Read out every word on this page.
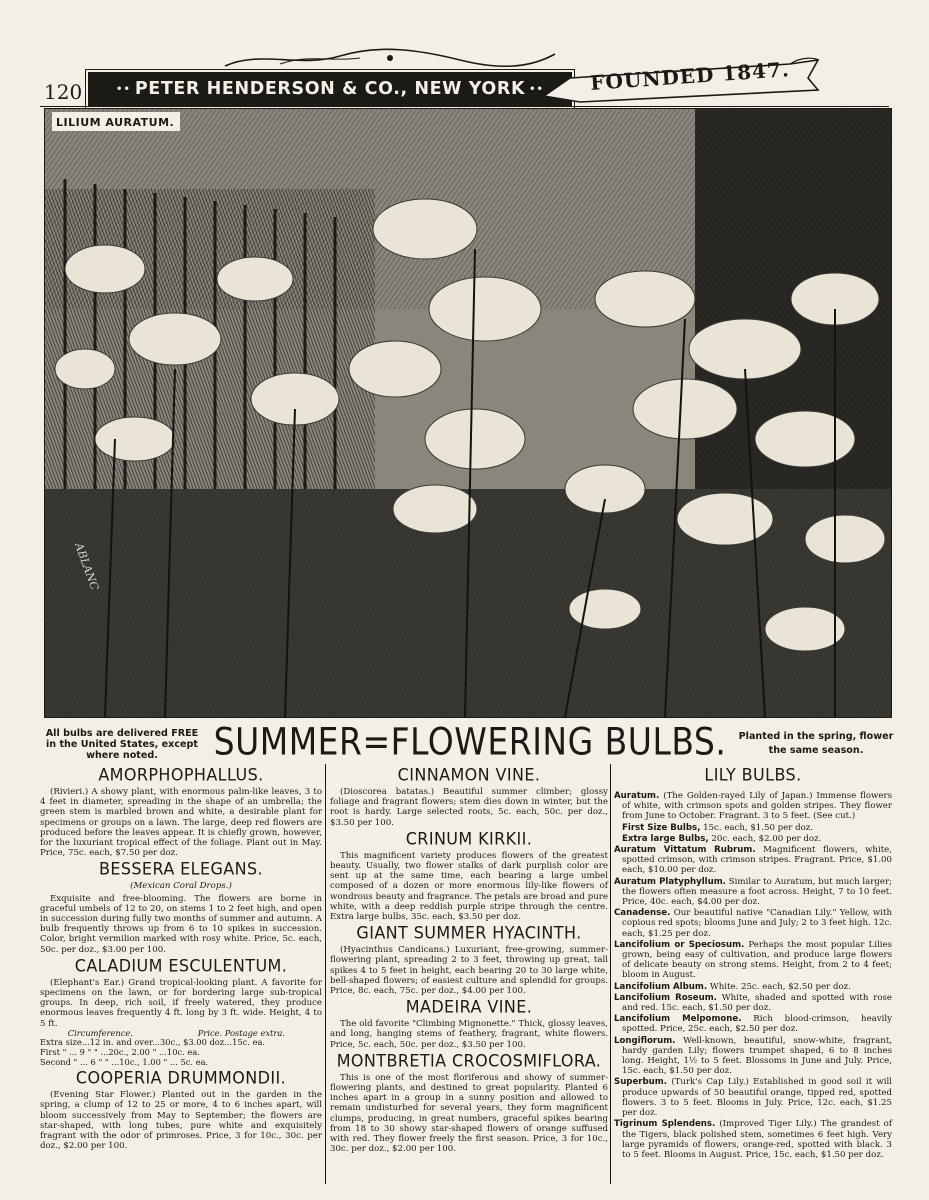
120	•• PETER HENDERSON & CO., NEW YORK •• FOUNDED 1847.
LILIUM AURATUM.
ABLANC
All bulbs are delivered FREE in the United States, except where noted.	SUMMER=FLOWERING BULBS. Planted in the spring, flower the same season.
AMORPHOPHALLUS.

(Rivieri.) A showy plant, with enormous palm-like leaves, 3 to 4 feet in diameter, spreading in the shape of an umbrella; the green stem is marbled brown and white, a desirable plant for specimens or groups on a lawn. The large, deep red flowers are produced before the leaves appear. It is chiefly grown, however, for the luxuriant tropical effect of the foliage. Plant out in May. Price, 75c. each, $7.50 per doz.

BESSERA ELEGANS.
(Mexican Coral Drops.)

Exquisite and free-blooming. The flowers are borne in graceful umbels of 12 to 20, on stems 1 to 2 feet high, and open in succession during fully two months of summer and autumn. A bulb frequently throws up from 6 to 10 spikes in succession. Color, bright vermilion marked with rosy white. Price, 5c. each, 50c. per doz., $3.00 per 100.

CALADIUM ESCULENTUM.

(Elephant's Ear.) Grand tropical-looking plant. A favorite for specimens on the lawn, or for bordering large sub-tropical groups. In deep, rich soil, if freely watered, they produce enormous leaves frequently 4 ft. long by 3 ft. wide. Height, 4 to 5 ft.

Circumference.	Price. Postage extra.
Extra size...12 in. and over...30c., $3.00 doz...15c. ea.
First " ... 9 " " ...20c., 2.00 " ...10c. ea.
Second " ... 6 " " ...10c., 1.00 " ... 5c. ea.
COOPERIA DRUMMONDII.

(Evening Star Flower.) Planted out in the garden in the spring, a clump of 12 to 25 or more, 4 to 6 inches apart, will bloom successively from May to September; the flowers are star-shaped, with long tubes, pure white and exquisitely fragrant with the odor of primroses. Price, 3 for 10c., 30c. per doz., $2.00 per 100.

CINNAMON VINE.

(Dioscorea batatas.) Beautiful summer climber; glossy foliage and fragrant flowers; stem dies down in winter, but the root is hardy. Large selected roots, 5c. each, 50c. per doz., $3.50 per 100.

CRINUM KIRKII.

This magnificent variety produces flowers of the greatest beauty. Usually, two flower stalks of dark purplish color are sent up at the same time, each bearing a large umbel composed of a dozen or more enormous lily-like flowers of wondrous beauty and fragrance. The petals are broad and pure white, with a deep reddish purple stripe through the centre. Extra large bulbs, 35c. each, $3.50 per doz.

GIANT SUMMER HYACINTH.

(Hyacinthus Candicans.) Luxuriant, free-growing, summer-flowering plant, spreading 2 to 3 feet, throwing up great, tall spikes 4 to 5 feet in height, each bearing 20 to 30 large white, bell-shaped flowers; of easiest culture and splendid for groups. Price, 8c. each, 75c. per doz., $4.00 per 100.

MADEIRA VINE.

The old favorite "Climbing Mignonette." Thick, glossy leaves, and long, hanging stems of feathery, fragrant, white flowers. Price, 5c. each, 50c. per doz., $3.50 per 100.

MONTBRETIA CROCOSMIFLORA.

This is one of the most floriferous and showy of summer-flowering plants, and destined to great popularity. Planted 6 inches apart in a group in a sunny position and allowed to remain undisturbed for several years, they form magnificent clumps, producing, in great numbers, graceful spikes bearing from 18 to 30 showy star-shaped flowers of orange suffused with red. They flower freely the first season. Price, 3 for 10c., 30c. per doz., $2.00 per 100.

LILY BULBS.

Auratum. (The Golden-rayed Lily of Japan.) Immense flowers of white, with crimson spots and golden stripes. They flower from June to October. Fragrant. 3 to 5 feet. (See cut.)

First Size Bulbs, 15c. each, $1.50 per doz.

Extra large Bulbs, 20c. each, $2.00 per doz.

Auratum Vittatum Rubrum. Magnificent flowers, white, spotted crimson, with crimson stripes. Fragrant. Price, $1.00 each, $10.00 per doz.

Auratum Platyphyllum. Similar to Auratum, but much larger; the flowers often measure a foot across. Height, 7 to 10 feet. Price, 40c. each, $4.00 per doz.

Canadense. Our beautiful native "Canadian Lily." Yellow, with copious red spots; blooms June and July; 2 to 3 feet high. 12c. each, $1.25 per doz.

Lancifolium or Speciosum. Perhaps the most popular Lilies grown, being easy of cultivation, and produce large flowers of delicate beauty on strong stems. Height, from 2 to 4 feet; bloom in August.

Lancifolium Album. White. 25c. each, $2.50 per doz.

Lancifolium Roseum. White, shaded and spotted with rose and red. 15c. each, $1.50 per doz.

Lancifolium Melpomone. Rich blood-crimson, heavily spotted. Price, 25c. each, $2.50 per doz.

Longiflorum. Well-known, beautiful, snow-white, fragrant, hardy garden Lily; flowers trumpet shaped, 6 to 8 inches long. Height, 1½ to 5 feet. Blossoms in June and July. Price, 15c. each, $1.50 per doz.

Superbum. (Turk's Cap Lily.) Established in good soil it will produce upwards of 50 beautiful orange, tipped red, spotted flowers. 3 to 5 feet. Blooms in July. Price, 12c. each, $1.25 per doz.

Tigrinum Splendens. (Improved Tiger Lily.) The grandest of the Tigers, black polished stem, sometimes 6 feet high. Very large pyramids of flowers, orange-red, spotted with black. 3 to 5 feet. Blooms in August. Price, 15c. each, $1.50 per doz.
